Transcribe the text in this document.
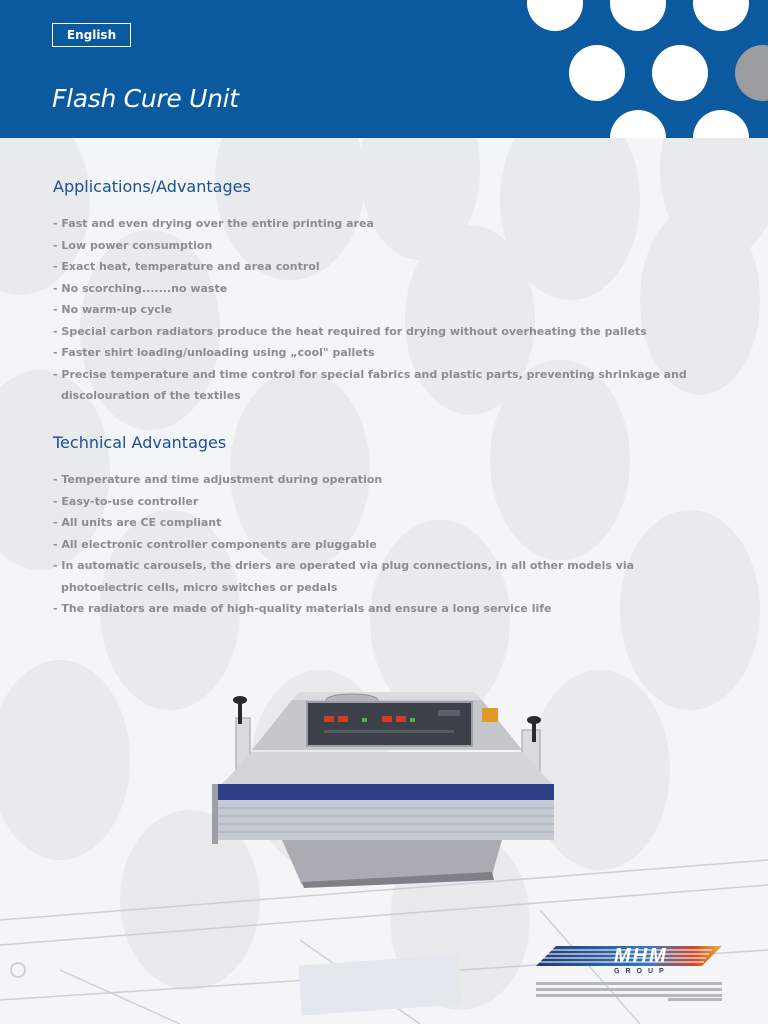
English
Flash Cure Unit
Applications/Advantages
- Fast and even drying over the entire printing area
- Low power consumption
- Exact heat, temperature and area control
- No scorching.......no waste
- No warm-up cycle
- Special carbon radiators produce the heat required for drying without overheating the pallets
- Faster shirt loading/unloading using „cool" pallets
- Precise temperature and time control for special fabrics and plastic parts, preventing shrinkage and discolouration of the textiles
Technical Advantages
- Temperature and time adjustment during operation
- Easy-to-use controller
- All units are CE compliant
- All electronic controller components are pluggable
- In automatic carousels, the driers are operated via plug connections, in all other models via photoelectric cells, micro switches or pedals
- The radiators are made of high-quality materials and ensure a long service life
MHM
GROUP
